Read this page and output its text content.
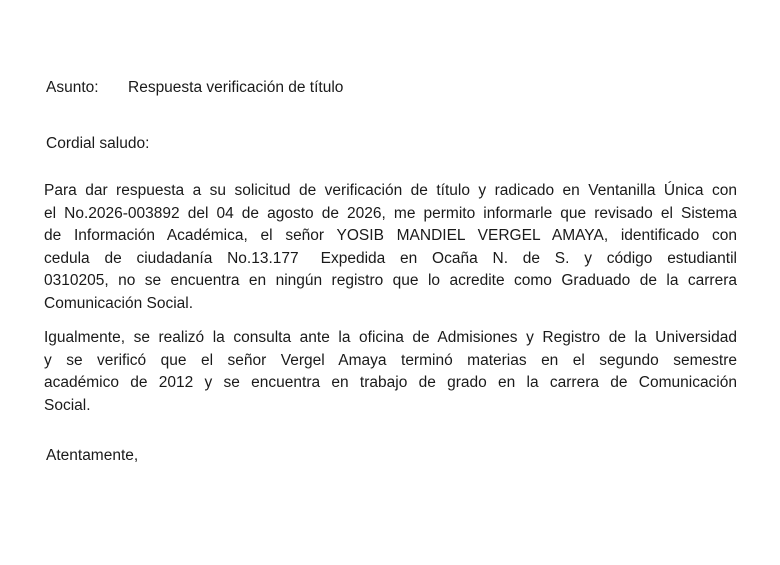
Asunto: Respuesta verificación de título
Cordial saludo:
Para dar respuesta a su solicitud de verificación de título y radicado en Ventanilla Única con
el No.2026-003892 del 04 de agosto de 2026, me permito informarle que revisado el Sistema
de Información Académica, el señor YOSIB MANDIEL VERGEL AMAYA, identificado con
cedula de ciudadanía No.13.177 Expedida en Ocaña N. de S. y código estudiantil
0310205, no se encuentra en ningún registro que lo acredite como Graduado de la carrera
Comunicación Social.
Igualmente, se realizó la consulta ante la oficina de Admisiones y Registro de la Universidad
y se verificó que el señor Vergel Amaya terminó materias en el segundo semestre
académico de 2012 y se encuentra en trabajo de grado en la carrera de Comunicación
Social.
Atentamente,
